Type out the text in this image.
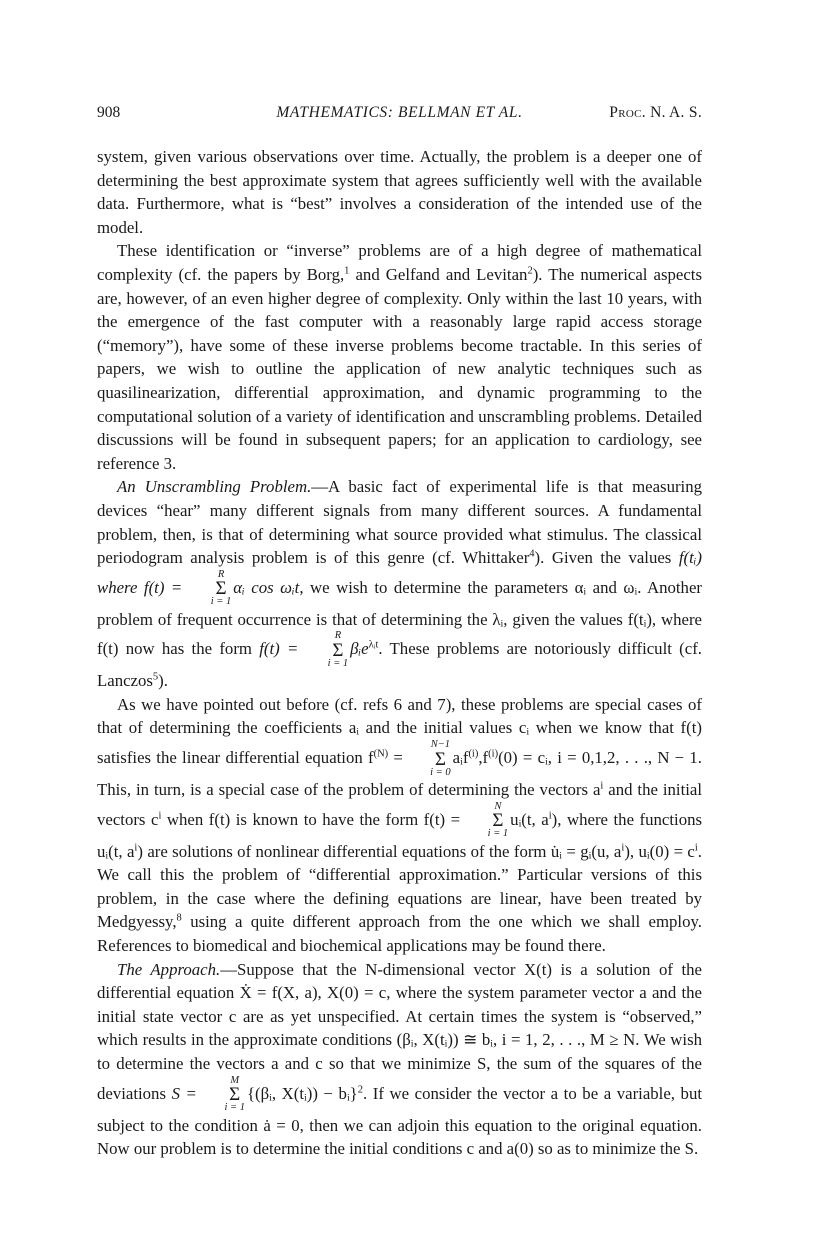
908	MATHEMATICS: BELLMAN ET AL.	Proc. N. A. S.

system, given various observations over time. Actually, the problem is a deeper one of determining the best approximate system that agrees sufficiently well with the available data. Furthermore, what is “best” involves a consideration of the intended use of the model.

These identification or “inverse” problems are of a high degree of mathematical complexity (cf. the papers by Borg,$^1$ and Gelfand and Levitan$^2$). The numerical aspects are, however, of an even higher degree of complexity. Only within the last 10 years, with the emergence of the fast computer with a reasonably large rapid access storage (“memory”), have some of these inverse problems become tractable. In this series of papers, we wish to outline the application of new analytic techniques such as quasilinearization, differential approximation, and dynamic programming to the computational solution of a variety of identification and unscrambling problems. Detailed discussions will be found in subsequent papers; for an application to cardiology, see reference 3.

An Unscrambling Problem.—A basic fact of experimental life is that measuring devices “hear” many different signals from many different sources. A fundamental problem, then, is that of determining what source provided what stimulus. The classical periodogram analysis problem is of this genre (cf. Whittaker$^4$). Given the values f(tᵢ) where f(t) =
R
Σ
i = 1
αᵢ cos ωᵢt, we wish to determine the parameters αᵢ and ωᵢ. Another problem of frequent occurrence is that of determining the λᵢ, given the values f(tᵢ), where f(t) now has the form f(t) =
R
Σ
i = 1
βᵢe$^{\lambda ᵢt}$. These problems are notoriously difficult (cf. Lanczos$^5$).

As we have pointed out before (cf. refs 6 and 7), these problems are special cases of that of determining the coefficients aᵢ and the initial values cᵢ when we know that f(t) satisfies the linear differential equation $f^{(N)}$ =
N−1
Σ
i = 0
$aᵢf^{(i)},f^{(i)}(0)$ = cᵢ, i = 0,1,2, . . ., N − 1. This, in turn, is a special case of the problem of determining the vectors $a^i$ and the initial vectors $c^i$ when f(t) is known to have the form f(t) =
N
Σ
i = 1
uᵢ(t, $a^i$), where the functions uᵢ(t, $a^i$) are solutions of nonlinear differential equations of the form u̇ᵢ = gᵢ(u, $a^i$), uᵢ(0) = $c^i$. We call this the problem of “differential approximation.” Particular versions of this problem, in the case where the defining equations are linear, have been treated by Medgyessy,$^8$ using a quite different approach from the one which we shall employ. References to biomedical and biochemical applications may be found there.

The Approach.—Suppose that the N-dimensional vector X(t) is a solution of the differential equation Ẋ = f(X, a), X(0) = c, where the system parameter vector a and the initial state vector c are as yet unspecified. At certain times the system is “observed,” which results in the approximate conditions (βᵢ, X(tᵢ)) ≅ bᵢ, i = 1, 2, . . ., M ≥ N. We wish to determine the vectors a and c so that we minimize S, the sum of the squares of the deviations S =
M
Σ
i = 1
{(βᵢ, X(tᵢ)) − bᵢ}$^2$. If we consider the vector a to be a variable, but subject to the condition ȧ = 0, then we can adjoin this equation to the original equation. Now our problem is to determine the initial conditions c and a(0) so as to minimize the S.
